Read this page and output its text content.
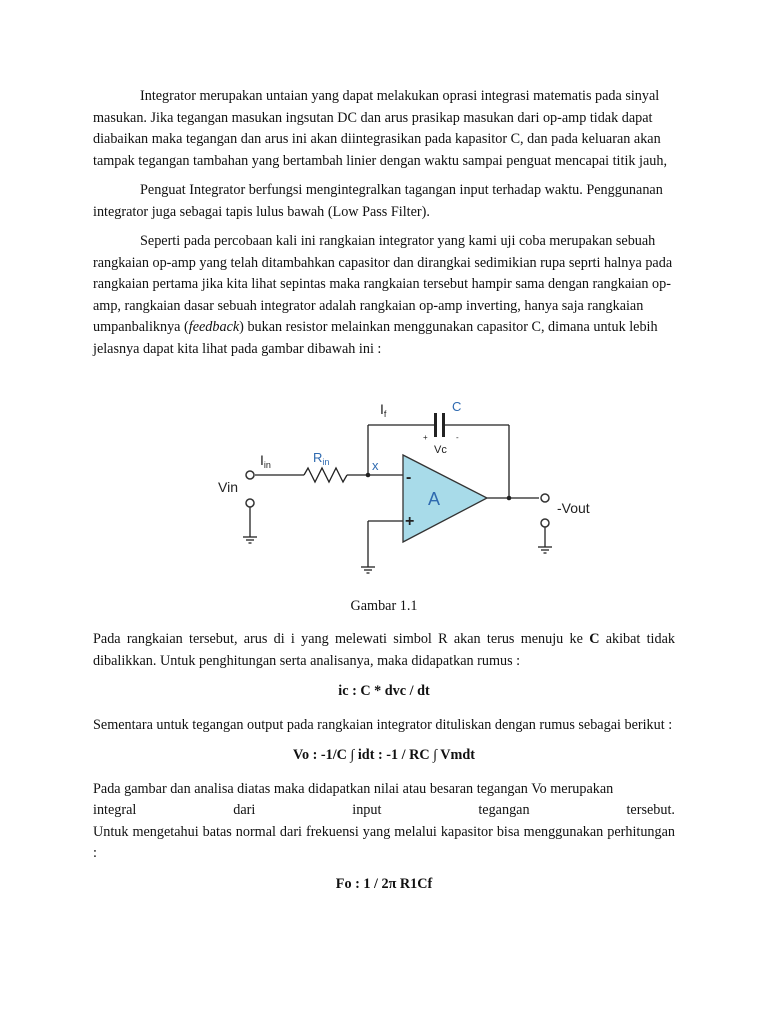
Integrator merupakan untaian yang dapat melakukan oprasi integrasi matematis pada sinyal masukan. Jika tegangan masukan ingsutan DC dan arus prasikap masukan dari op-amp tidak dapat diabaikan maka tegangan dan arus ini akan diintegrasikan pada kapasitor C, dan pada keluaran akan tampak tegangan tambahan yang bertambah linier dengan waktu sampai penguat mencapai titik jauh,

Penguat Integrator berfungsi mengintegralkan tagangan input terhadap waktu. Penggunanan integrator juga sebagai tapis lulus bawah (Low Pass Filter).

Seperti pada percobaan kali ini rangkaian integrator yang kami uji coba merupakan sebuah rangkaian op-amp yang telah ditambahkan capasitor dan dirangkai sedimikian rupa seprti halnya pada rangkaian pertama jika kita lihat sepintas maka rangkaian tersebut hampir sama dengan rangkaian op-amp, rangkaian dasar sebuah integrator adalah rangkaian op-amp inverting, hanya saja rangkaian umpanbaliknya (feedback) bukan resistor melainkan menggunakan capasitor C, dimana untuk lebih jelasnya dapat kita lihat pada gambar dibawah ini :

$I_f$	C
+	-
Vc
$I_{in}$	$R_{in}$	x
Vin
-
+
A	-Vout
Gambar 1.1

Pada rangkaian tersebut, arus di i yang melewati simbol R akan terus menuju ke C akibat tidak dibalikkan. Untuk penghitungan serta analisanya, maka didapatkan rumus :

ic : C * dvc / dt

Sementara untuk tegangan output pada rangkaian integrator dituliskan dengan rumus sebagai berikut :

Vo : -1/C ∫ idt : -1 / RC ∫ Vmdt

Pada gambar dan analisa diatas maka didapatkan nilai atau besaran tegangan Vo merupakan

integral	dari	input	tegangan	tersebut.

Untuk mengetahui batas normal dari frekuensi yang melalui kapasitor bisa menggunakan perhitungan :

Fo : 1 / 2π R1Cf
